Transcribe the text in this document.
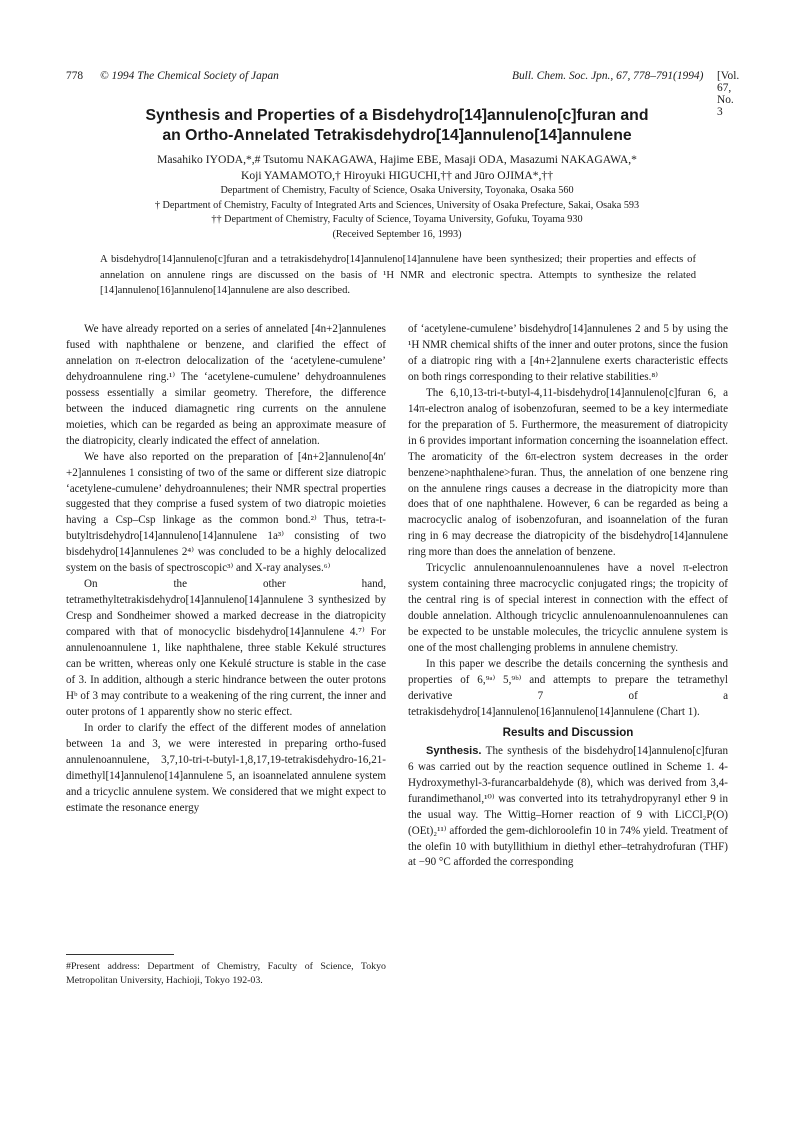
778 © 1994 The Chemical Society of Japan	Bull. Chem. Soc. Jpn., 67, 778–791(1994) [Vol. 67, No. 3
Synthesis and Properties of a Bisdehydro[14]annuleno[c]furan and
an Ortho-Annelated Tetrakisdehydro[14]annuleno[14]annulene
Masahiko IYODA,*,# Tsutomu NAKAGAWA, Hajime EBE, Masaji ODA, Masazumi NAKAGAWA,*
Koji YAMAMOTO,† Hiroyuki HIGUCHI,†† and Jūro OJIMA*,††
Department of Chemistry, Faculty of Science, Osaka University, Toyonaka, Osaka 560
† Department of Chemistry, Faculty of Integrated Arts and Sciences, University of Osaka Prefecture, Sakai, Osaka 593
†† Department of Chemistry, Faculty of Science, Toyama University, Gofuku, Toyama 930
(Received September 16, 1993)
A bisdehydro[14]annuleno[c]furan and a tetrakisdehydro[14]annuleno[14]annulene have been synthesized; their properties and effects of annelation on annulene rings are discussed on the basis of ¹H NMR and electronic spectra. Attempts to synthesize the related [14]annuleno[16]annuleno[14]annulene are also described.

We have already reported on a series of annelated [4n+2]annulenes fused with naphthalene or benzene, and clarified the effect of annelation on π-electron delocalization of the ‘acetylene-cumulene’ dehydroannulene ring.¹⁾ The ‘acetylene-cumulene’ dehydroannulenes possess essentially a similar geometry. Therefore, the difference between the induced diamagnetic ring currents on the annulene moieties, which can be regarded as being an approximate measure of the diatropicity, clearly indicated the effect of annelation.

We have also reported on the preparation of [4n+2]annuleno[4n′+2]annulenes 1 consisting of two of the same or different size diatropic ‘acetylene-cumulene’ dehydroannulenes; their NMR spectral properties suggested that they comprise a fused system of two diatropic moieties having a Csp–Csp linkage as the common bond.²⁾ Thus, tetra-t-butyltrisdehydro[14]annuleno[14]annulene 1a³⁾ consisting of two bisdehydro[14]annulenes 2⁴⁾ was concluded to be a highly delocalized system on the basis of spectroscopic³⁾ and X-ray analyses.⁶⁾

On the other hand, tetramethyltetrakisdehydro[14]annuleno[14]annulene 3 synthesized by Cresp and Sondheimer showed a marked decrease in the diatropicity compared with that of monocyclic bisdehydro[14]annulene 4.⁷⁾ For annulenoannulene 1, like naphthalene, three stable Kekulé structures can be written, whereas only one Kekulé structure is stable in the case of 3. In addition, although a steric hindrance between the outer protons Hᵇ of 3 may contribute to a weakening of the ring current, the inner and outer protons of 1 apparently show no steric effect.

In order to clarify the effect of the different modes of annelation between 1a and 3, we were interested in preparing ortho-fused annulenoannulene, 3,7,10-tri-t-butyl-1,8,17,19-tetrakisdehydro-16,21-dimethyl[14]annuleno[14]annulene 5, an isoannelated annulene system and a tricyclic annulene system. We considered that we might expect to estimate the resonance energy

of ‘acetylene-cumulene’ bisdehydro[14]annulenes 2 and 5 by using the ¹H NMR chemical shifts of the inner and outer protons, since the fusion of a diatropic ring with a [4n+2]annulene exerts characteristic effects on both rings corresponding to their relative stabilities.⁸⁾

The 6,10,13-tri-t-butyl-4,11-bisdehydro[14]annuleno[c]furan 6, a 14π-electron analog of isobenzofuran, seemed to be a key intermediate for the preparation of 5. Furthermore, the measurement of diatropicity in 6 provides important information concerning the isoannelation effect. The aromaticity of the 6π-electron system decreases in the order benzene>naphthalene>furan. Thus, the annelation of one benzene ring on the annulene rings causes a decrease in the diatropicity more than does that of one naphthalene. However, 6 can be regarded as being a macrocyclic analog of isobenzofuran, and isoannelation of the furan ring in 6 may decrease the diatropicity of the bisdehydro[14]annulene ring more than does the annelation of benzene.

Tricyclic annulenoannulenoannulenes have a novel π-electron system containing three macrocyclic conjugated rings; the tropicity of the central ring is of special interest in connection with the effect of double annelation. Although tricyclic annulenoannulenoannulenes can be expected to be unstable molecules, the tricyclic annulene system is one of the most challenging problems in annulene chemistry.

In this paper we describe the details concerning the synthesis and properties of 6,⁹ᵃ⁾ 5,⁹ᵇ⁾ and attempts to prepare the tetramethyl derivative 7 of a tetrakisdehydro[14]annuleno[16]annuleno[14]annulene (Chart 1).

Results and Discussion

Synthesis. The synthesis of the bisdehydro[14]annuleno[c]furan 6 was carried out by the reaction sequence outlined in Scheme 1. 4-Hydroxymethyl-3-furancarbaldehyde (8), which was derived from 3,4-furandimethanol,¹⁰⁾ was converted into its tetrahydropyranyl ether 9 in the usual way. The Wittig–Horner reaction of 9 with LiCCl₂P(O)(OEt)₂¹¹⁾ afforded the gem-dichloroolefin 10 in 74% yield. Treatment of the olefin 10 with butyllithium in diethyl ether–tetrahydrofuran (THF) at −90 °C afforded the corresponding

#Present address: Department of Chemistry, Faculty of Science, Tokyo Metropolitan University, Hachioji, Tokyo 192-03.
